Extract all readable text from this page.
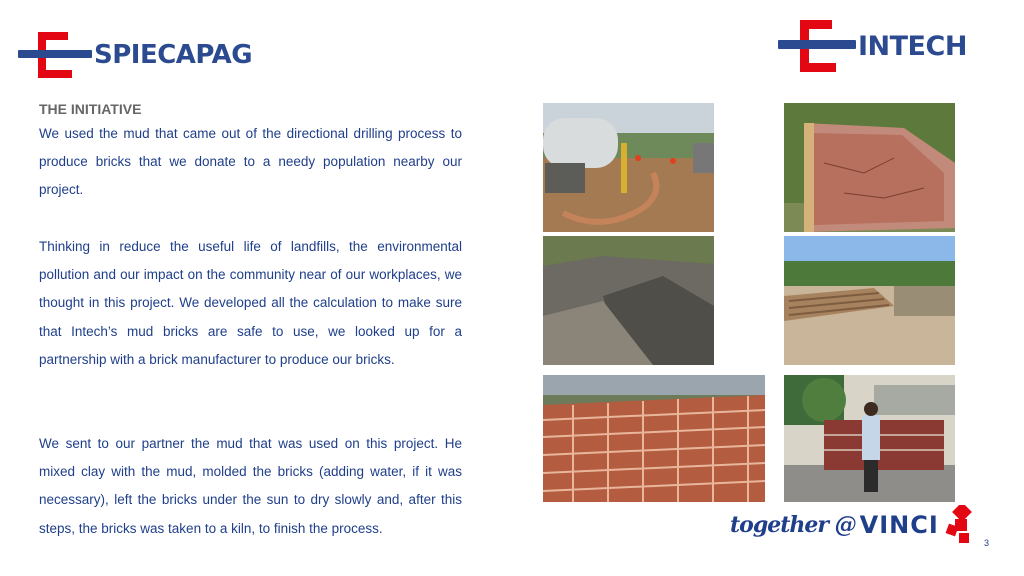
SPIECAPAG	INTECH
THE INITIATIVE

We used the mud that came out of the directional drilling process to produce bricks that we donate to a needy population nearby our project.

Thinking in reduce the useful life of landfills, the environmental pollution and our impact on the community near of our workplaces, we thought in this project. We developed all the calculation to make sure that Intech’s mud bricks are safe to use, we looked up for a partnership with a brick manufacturer to produce our bricks.

We sent to our partner the mud that was used on this project. He mixed clay with the mud, molded the bricks (adding water, if it was necessary), left the bricks under the sun to dry slowly and, after this steps, the bricks was taken to a kiln, to finish the process.	together @ VINCI
3
